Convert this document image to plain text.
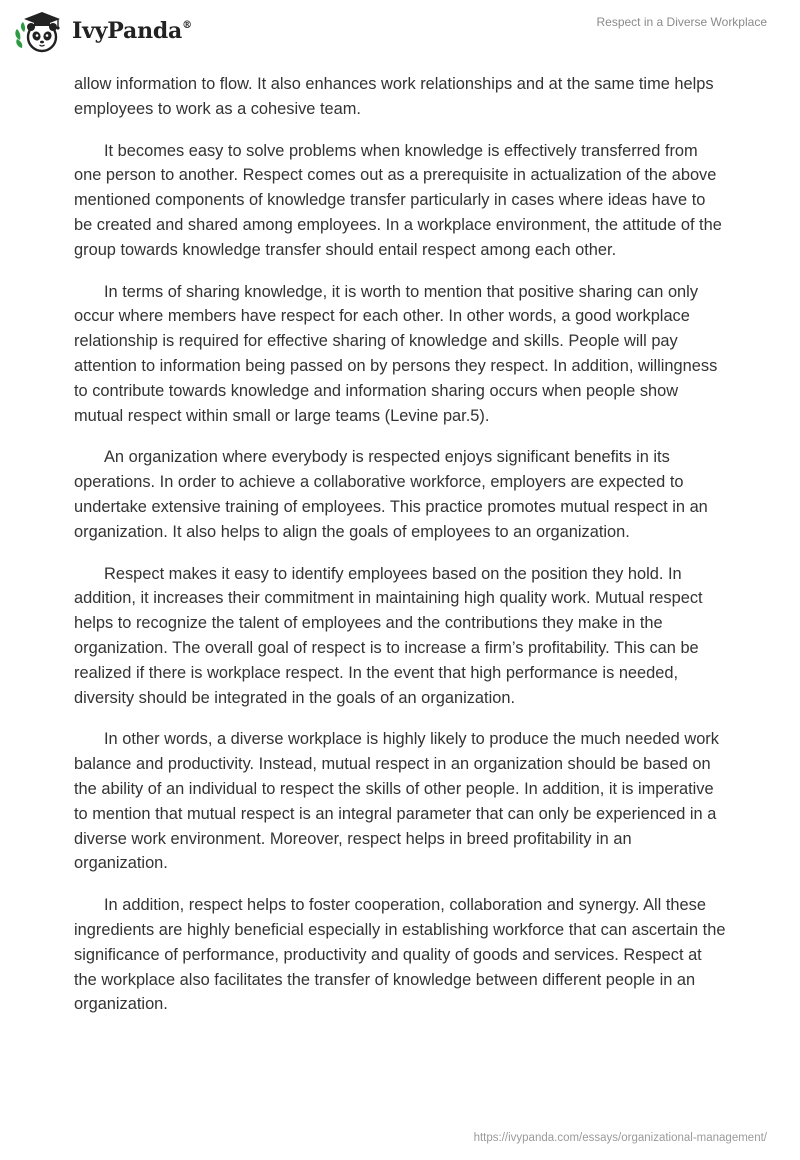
IvyPanda®	Respect in a Diverse Workplace

allow information to flow. It also enhances work relationships and at the same time helps employees to work as a cohesive team.

It becomes easy to solve problems when knowledge is effectively transferred from one person to another. Respect comes out as a prerequisite in actualization of the above mentioned components of knowledge transfer particularly in cases where ideas have to be created and shared among employees. In a workplace environment, the attitude of the group towards knowledge transfer should entail respect among each other.

In terms of sharing knowledge, it is worth to mention that positive sharing can only occur where members have respect for each other. In other words, a good workplace relationship is required for effective sharing of knowledge and skills. People will pay attention to information being passed on by persons they respect. In addition, willingness to contribute towards knowledge and information sharing occurs when people show mutual respect within small or large teams (Levine par.5).

An organization where everybody is respected enjoys significant benefits in its operations. In order to achieve a collaborative workforce, employers are expected to undertake extensive training of employees. This practice promotes mutual respect in an organization. It also helps to align the goals of employees to an organization.

Respect makes it easy to identify employees based on the position they hold. In addition, it increases their commitment in maintaining high quality work. Mutual respect helps to recognize the talent of employees and the contributions they make in the organization. The overall goal of respect is to increase a firm’s profitability. This can be realized if there is workplace respect. In the event that high performance is needed, diversity should be integrated in the goals of an organization.

In other words, a diverse workplace is highly likely to produce the much needed work balance and productivity. Instead, mutual respect in an organization should be based on the ability of an individual to respect the skills of other people. In addition, it is imperative to mention that mutual respect is an integral parameter that can only be experienced in a diverse work environment. Moreover, respect helps in breed profitability in an organization.

In addition, respect helps to foster cooperation, collaboration and synergy. All these ingredients are highly beneficial especially in establishing workforce that can ascertain the significance of performance, productivity and quality of goods and services. Respect at the workplace also facilitates the transfer of knowledge between different people in an organization.

https://ivypanda.com/essays/organizational-management/
